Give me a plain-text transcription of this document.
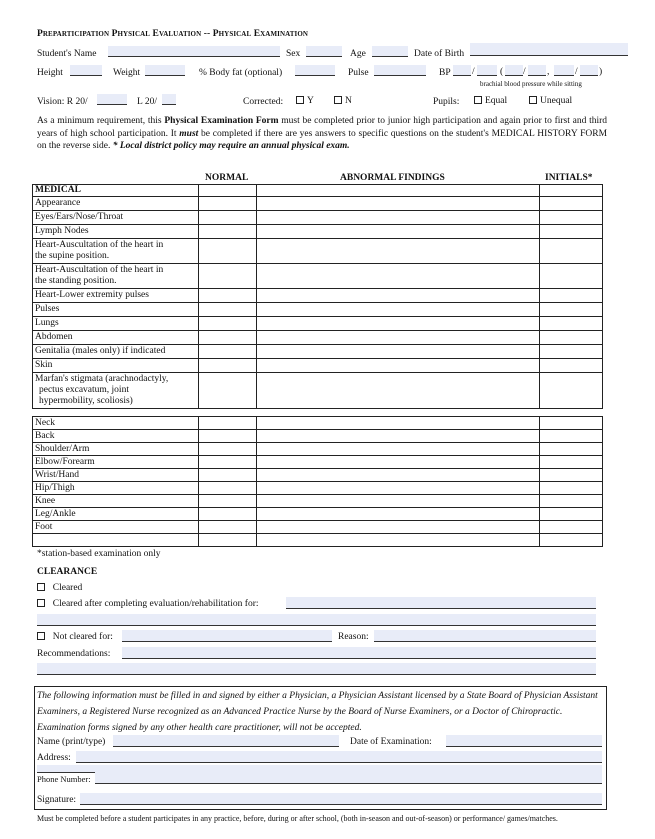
Preparticipation Physical Evaluation -- Physical Examination
Student's Name	Sex	Age	Date of Birth
Height	Weight	% Body fat (optional)	Pulse	BP /	( / ,	/ )
brachial blood pressure while sitting
Vision: R 20/	L 20/	Corrected:	Y	N	Pupils:	Equal	Unequal
As a minimum requirement, this Physical Examination Form must be completed prior to junior high participation and again prior to first and third years of high school participation. It must be completed if there are yes answers to specific questions on the student's MEDICAL HISTORY FORM on the reverse side. * Local district policy may require an annual physical exam.
NORMAL	ABNORMAL FINDINGS	INITIALS*
MEDICAL			

Appearance			

Eyes/Ears/Nose/Throat			

Lymph Nodes			

Heart-Auscultation of the heart in
the supine position.			

Heart-Auscultation of the heart in
the standing position.			

Heart-Lower extremity pulses			

Pulses			

Lungs			

Abdomen			

Genitalia (males only) if indicated			

Skin			

Marfan's stigmata (arachnodactyly,
pectus excavatum, joint
hypermobility, scoliosis)			

Neck			
Back			
Shoulder/Arm			
Elbow/Forearm			
Wrist/Hand			
Hip/Thigh			
Knee			
Leg/Ankle			
Foot			

*station-based examination only
CLEARANCE
Cleared
Cleared after completing evaluation/rehabilitation for:
Not cleared for:	Reason:
Recommendations:
The following information must be filled in and signed by either a Physician, a Physician Assistant licensed by a State Board of Physician Assistant Examiners, a Registered Nurse recognized as an Advanced Practice Nurse by the Board of Nurse Examiners, or a Doctor of Chiropractic. Examination forms signed by any other health care practitioner, will not be accepted.
Name (print/type)	Date of Examination:
Address:
Phone Number:
Signature:
Must be completed before a student participates in any practice, before, during or after school, (both in-season and out-of-season) or performance/ games/matches.
